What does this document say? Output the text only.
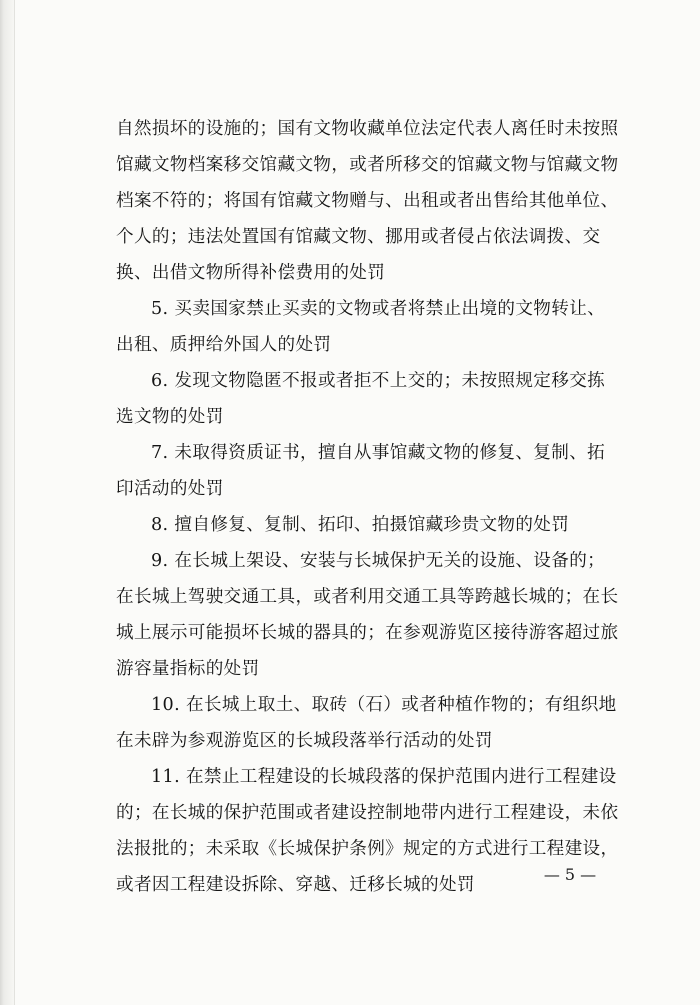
自然损坏的设施的；国有文物收藏单位法定代表人离任时未按照
馆藏文物档案移交馆藏文物，或者所移交的馆藏文物与馆藏文物
档案不符的；将国有馆藏文物赠与、出租或者出售给其他单位、
个人的；违法处置国有馆藏文物、挪用或者侵占依法调拨、交
换、出借文物所得补偿费用的处罚
5. 买卖国家禁止买卖的文物或者将禁止出境的文物转让、
出租、质押给外国人的处罚
6. 发现文物隐匿不报或者拒不上交的；未按照规定移交拣
选文物的处罚
7. 未取得资质证书，擅自从事馆藏文物的修复、复制、拓
印活动的处罚
8. 擅自修复、复制、拓印、拍摄馆藏珍贵文物的处罚
9. 在长城上架设、安装与长城保护无关的设施、设备的；
在长城上驾驶交通工具，或者利用交通工具等跨越长城的；在长
城上展示可能损坏长城的器具的；在参观游览区接待游客超过旅
游容量指标的处罚
10. 在长城上取土、取砖（石）或者种植作物的；有组织地
在未辟为参观游览区的长城段落举行活动的处罚
11. 在禁止工程建设的长城段落的保护范围内进行工程建设
的；在长城的保护范围或者建设控制地带内进行工程建设，未依
法报批的；未采取《长城保护条例》规定的方式进行工程建设，
或者因工程建设拆除、穿越、迁移长城的处罚
— 5 —
